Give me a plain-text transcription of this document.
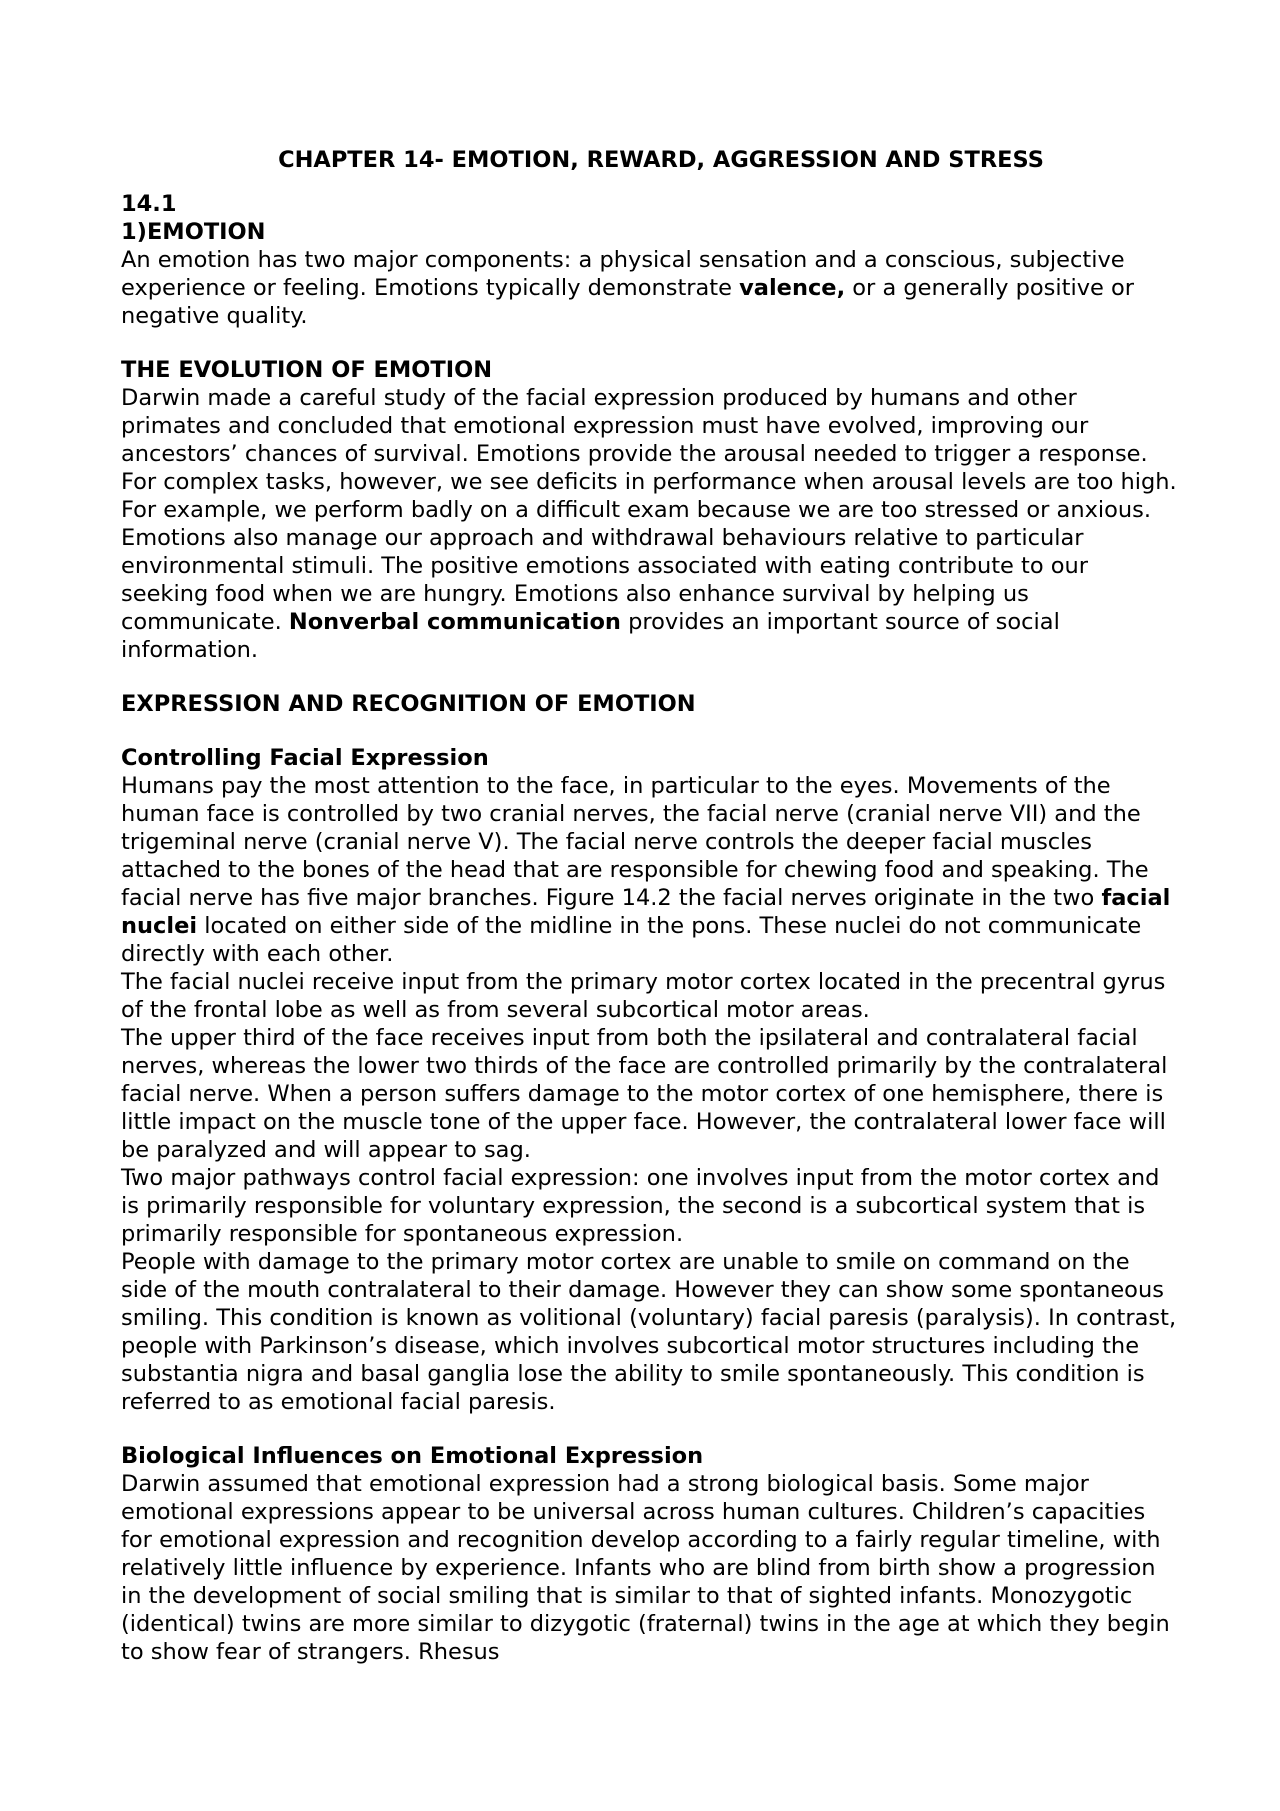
CHAPTER 14- EMOTION, REWARD, AGGRESSION AND STRESS
14.1
1)EMOTION

An emotion has two major components: a physical sensation and a conscious, subjective experience or feeling. Emotions typically demonstrate valence, or a generally positive or negative quality.

THE EVOLUTION OF EMOTION

Darwin made a careful study of the facial expression produced by humans and other primates and concluded that emotional expression must have evolved, improving our ancestors’ chances of survival. Emotions provide the arousal needed to trigger a response. For complex tasks, however, we see deficits in performance when arousal levels are too high. For example, we perform badly on a difficult exam because we are too stressed or anxious.

Emotions also manage our approach and withdrawal behaviours relative to particular environmental stimuli. The positive emotions associated with eating contribute to our seeking food when we are hungry. Emotions also enhance survival by helping us communicate. Nonverbal communication provides an important source of social information.

EXPRESSION AND RECOGNITION OF EMOTION
Controlling Facial Expression

Humans pay the most attention to the face, in particular to the eyes. Movements of the human face is controlled by two cranial nerves, the facial nerve (cranial nerve VII) and the trigeminal nerve (cranial nerve V). The facial nerve controls the deeper facial muscles attached to the bones of the head that are responsible for chewing food and speaking. The facial nerve has five major branches. Figure 14.2 the facial nerves originate in the two facial nuclei located on either side of the midline in the pons. These nuclei do not communicate directly with each other.

The facial nuclei receive input from the primary motor cortex located in the precentral gyrus of the frontal lobe as well as from several subcortical motor areas.

The upper third of the face receives input from both the ipsilateral and contralateral facial nerves, whereas the lower two thirds of the face are controlled primarily by the contralateral facial nerve. When a person suffers damage to the motor cortex of one hemisphere, there is little impact on the muscle tone of the upper face. However, the contralateral lower face will be paralyzed and will appear to sag.

Two major pathways control facial expression: one involves input from the motor cortex and is primarily responsible for voluntary expression, the second is a subcortical system that is primarily responsible for spontaneous expression.

People with damage to the primary motor cortex are unable to smile on command on the side of the mouth contralateral to their damage. However they can show some spontaneous smiling. This condition is known as volitional (voluntary) facial paresis (paralysis). In contrast, people with Parkinson’s disease, which involves subcortical motor structures including the substantia nigra and basal ganglia lose the ability to smile spontaneously. This condition is referred to as emotional facial paresis.

Biological Influences on Emotional Expression

Darwin assumed that emotional expression had a strong biological basis. Some major emotional expressions appear to be universal across human cultures. Children’s capacities for emotional expression and recognition develop according to a fairly regular timeline, with relatively little influence by experience. Infants who are blind from birth show a progression in the development of social smiling that is similar to that of sighted infants. Monozygotic (identical) twins are more similar to dizygotic (fraternal) twins in the age at which they begin to show fear of strangers. Rhesus
